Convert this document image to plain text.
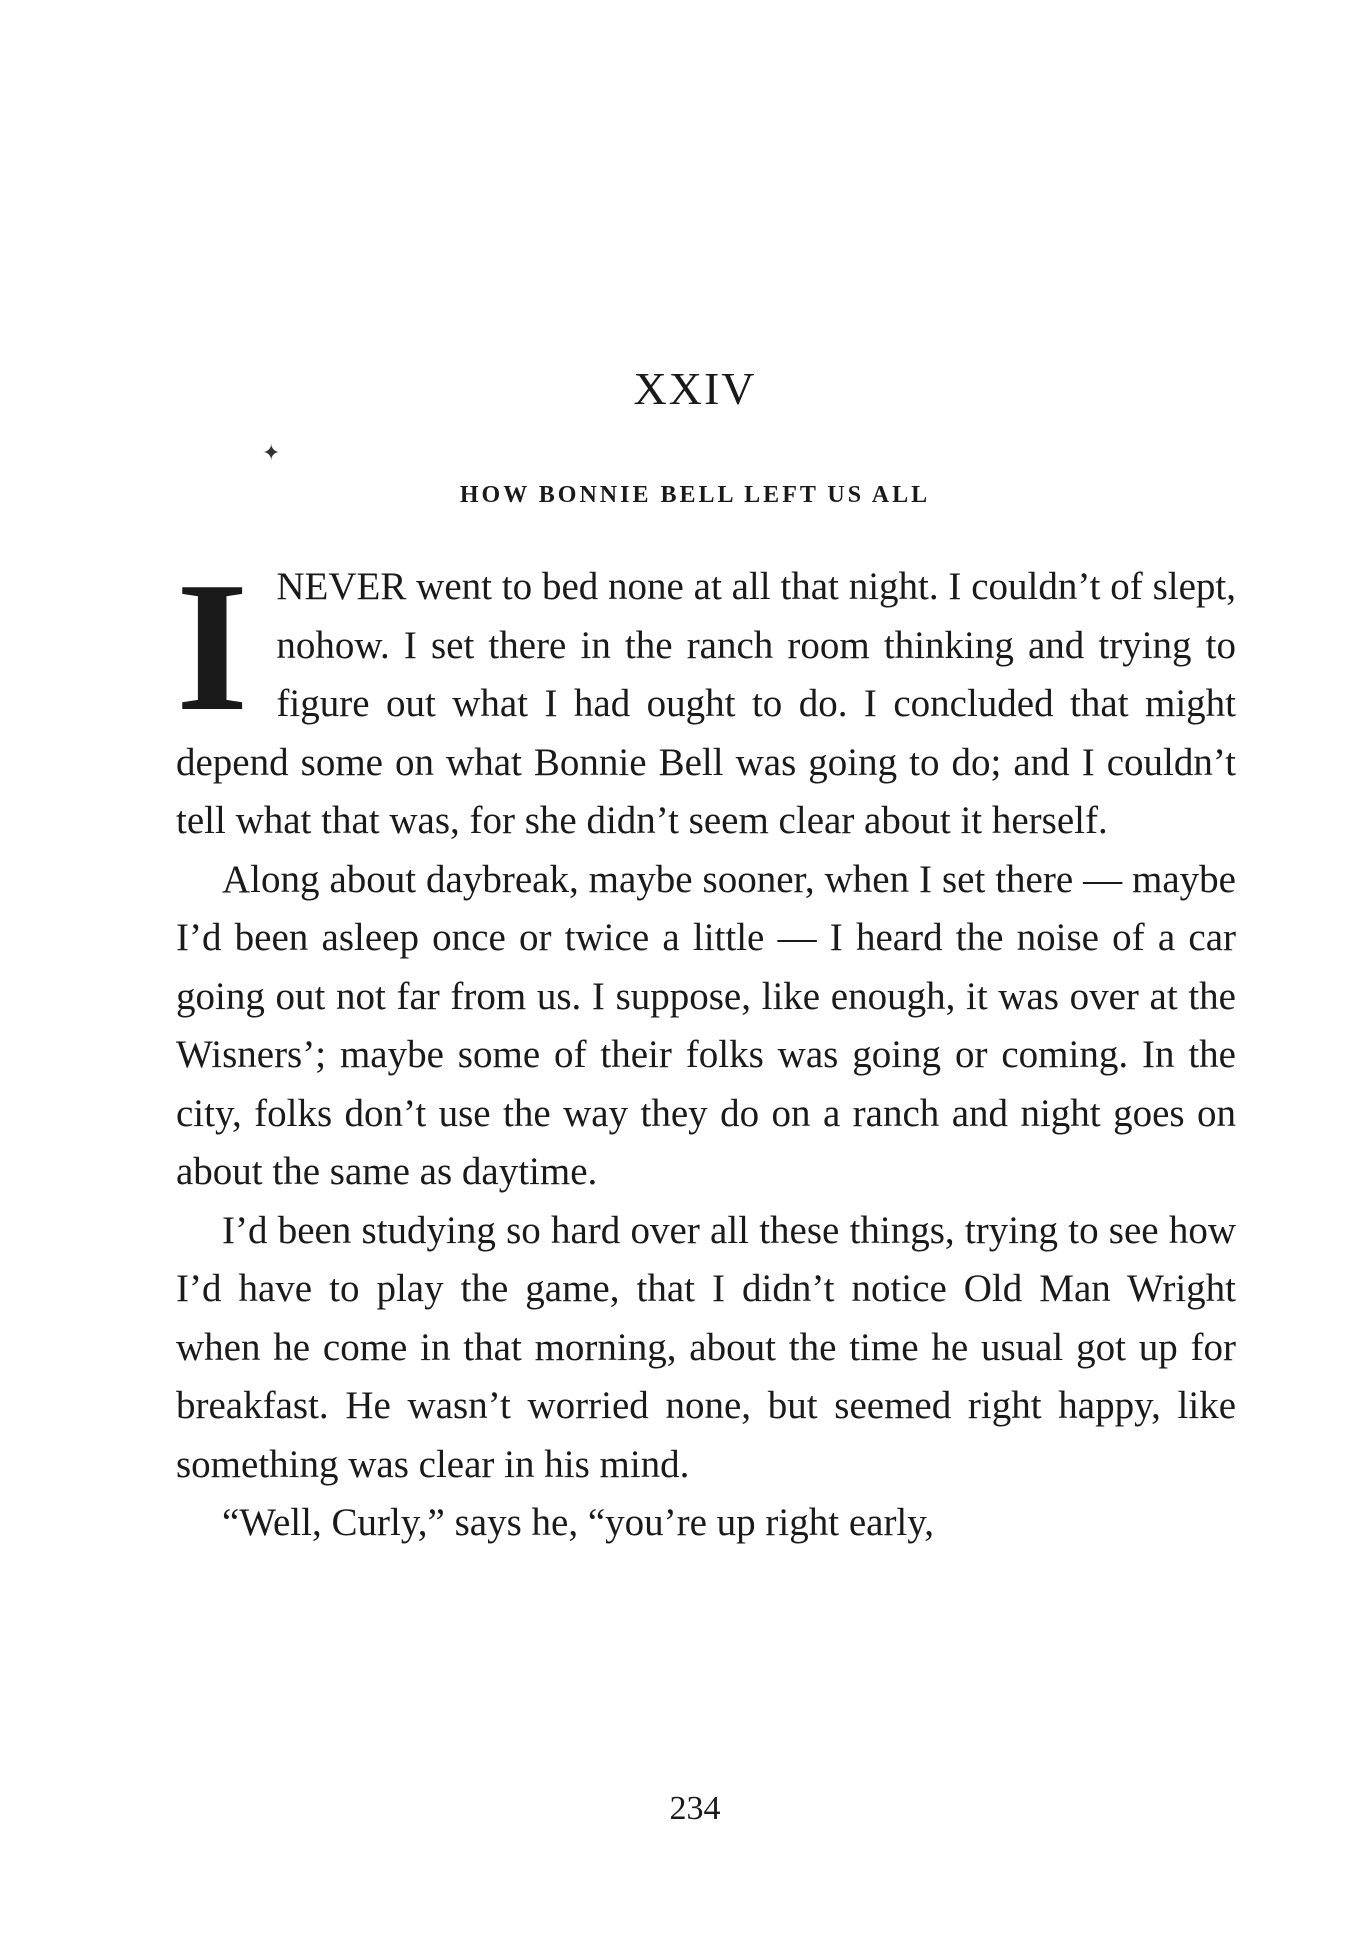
✦
XXIV
HOW BONNIE BELL LEFT US ALL

I NEVER went to bed none at all that night. I couldn’t of slept, nohow. I set there in the ranch room thinking and trying to figure out what I had ought to do. I concluded that might depend some on what Bonnie Bell was going to do; and I couldn’t tell what that was, for she didn’t seem clear about it herself.

Along about daybreak, maybe sooner, when I set there — maybe I’d been asleep once or twice a little — I heard the noise of a car going out not far from us. I suppose, like enough, it was over at the Wisners’; maybe some of their folks was going or coming. In the city, folks don’t use the way they do on a ranch and night goes on about the same as daytime.

I’d been studying so hard over all these things, trying to see how I’d have to play the game, that I didn’t notice Old Man Wright when he come in that morning, about the time he usual got up for breakfast. He wasn’t worried none, but seemed right happy, like something was clear in his mind.

“Well, Curly,” says he, “you’re up right early,

234
